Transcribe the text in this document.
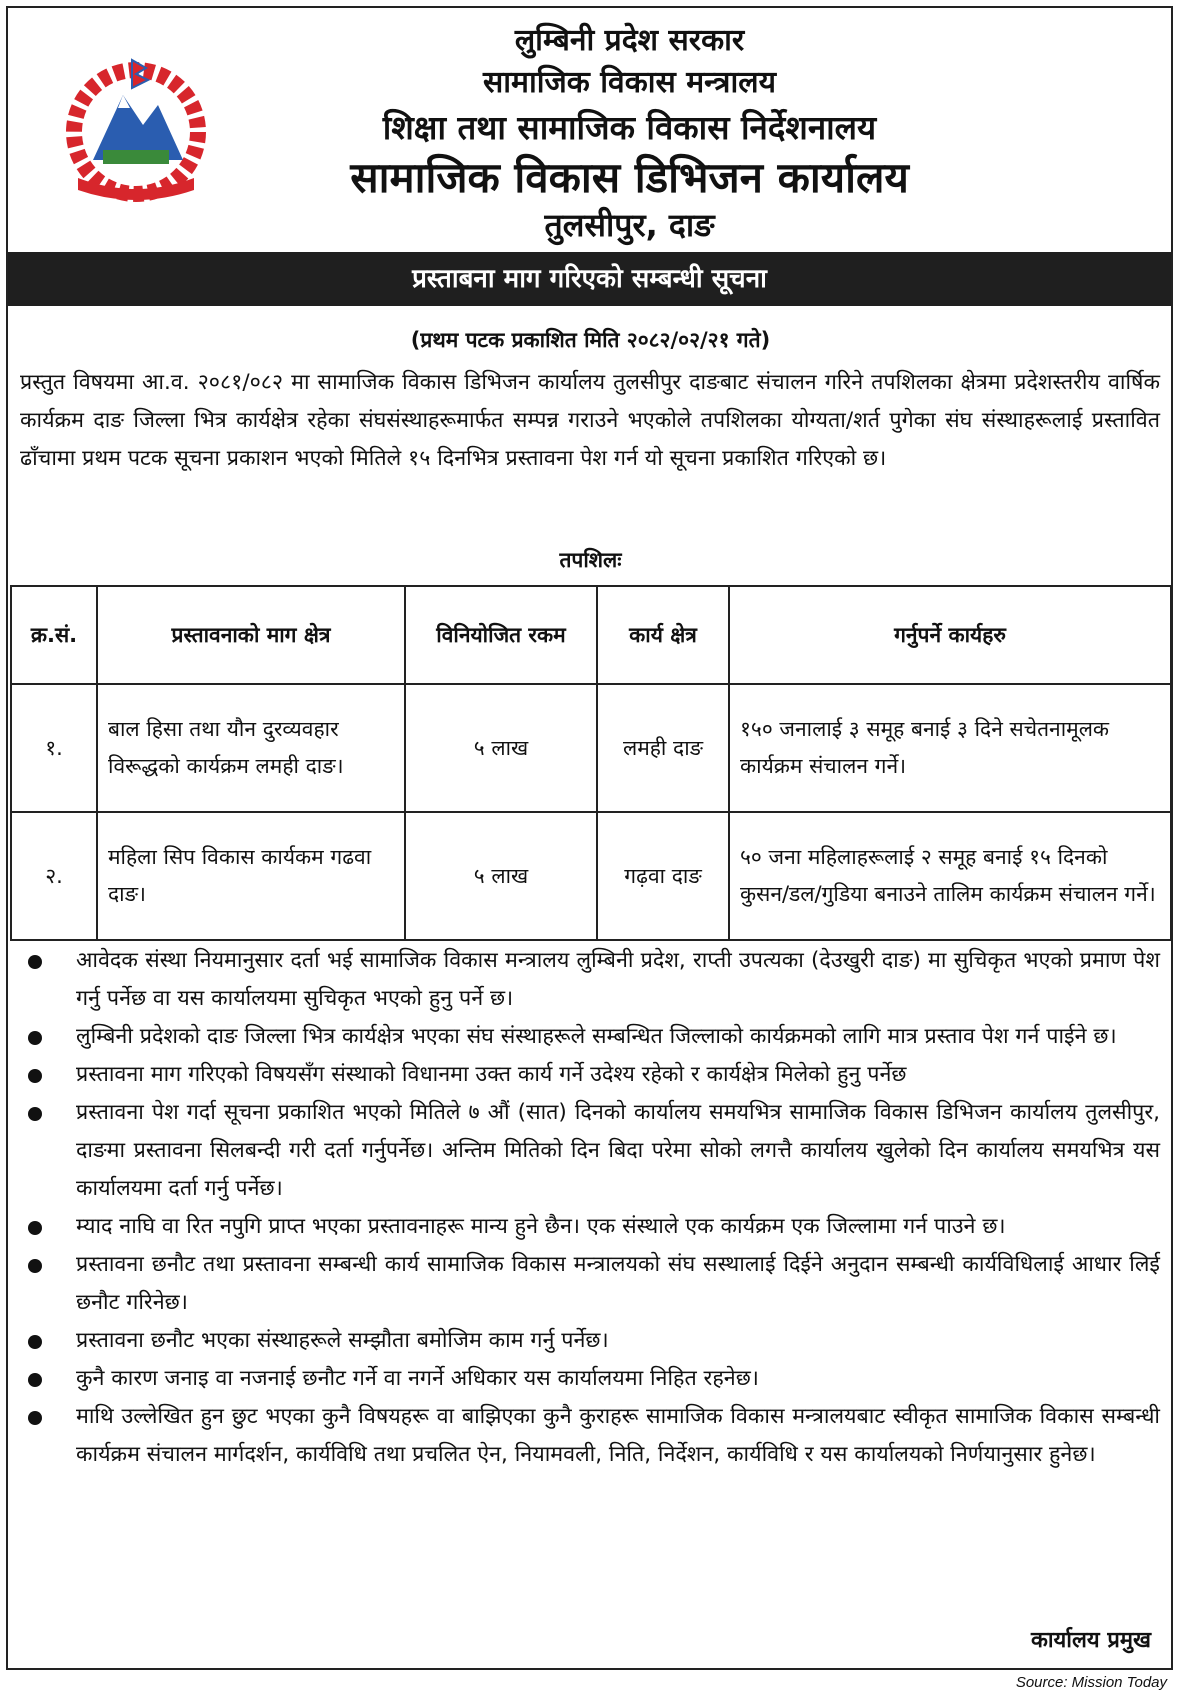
लुम्बिनी प्रदेश सरकार
सामाजिक विकास मन्त्रालय
शिक्षा तथा सामाजिक विकास निर्देशनालय
सामाजिक विकास डिभिजन कार्यालय
तुलसीपुर, दाङ
प्रस्ताबना माग गरिएको सम्बन्धी सूचना
(प्रथम पटक प्रकाशित मिति २०८२/०२/२१ गते)
प्रस्तुत विषयमा आ.व. २०८१/०८२ मा सामाजिक विकास डिभिजन कार्यालय तुलसीपुर दाङबाट संचालन गरिने तपशिलका क्षेत्रमा प्रदेशस्तरीय वार्षिक कार्यक्रम दाङ जिल्ला भित्र कार्यक्षेत्र रहेका संघसंस्थाहरूमार्फत सम्पन्न गराउने भएकोले तपशिलका योग्यता/शर्त पुगेका संघ संस्थाहरूलाई प्रस्तावित ढाँचामा प्रथम पटक सूचना प्रकाशन भएको मितिले १५ दिनभित्र प्रस्तावना पेश गर्न यो सूचना प्रकाशित गरिएको छ।
तपशिलः
क्र.सं.	प्रस्तावनाको माग क्षेत्र	विनियोजित रकम	कार्य क्षेत्र	गर्नुपर्ने कार्यहरु
१.	बाल हिसा तथा यौन दुरव्यवहार विरूद्धको कार्यक्रम लमही दाङ।	५ लाख	लमही दाङ	१५० जनालाई ३ समूह बनाई ३ दिने सचेतनामूलक कार्यक्रम संचालन गर्ने।
२.	महिला सिप विकास कार्यकम गढवा दाङ।	५ लाख	गढ़वा दाङ	५० जना महिलाहरूलाई २ समूह बनाई १५ दिनको कुसन/डल/गुडिया बनाउने तालिम कार्यक्रम संचालन गर्ने।
आवेदक संस्था नियमानुसार दर्ता भई सामाजिक विकास मन्त्रालय लुम्बिनी प्रदेश, राप्ती उपत्यका (देउखुरी दाङ) मा सुचिकृत भएको प्रमाण पेश गर्नु पर्नेछ वा यस कार्यालयमा सुचिकृत भएको हुनु पर्ने छ।
लुम्बिनी प्रदेशको दाङ जिल्ला भित्र कार्यक्षेत्र भएका संघ संस्थाहरूले सम्बन्धित जिल्लाको कार्यक्रमको लागि मात्र प्रस्ताव पेश गर्न पाईने छ।
प्रस्तावना माग गरिएको विषयसँग संस्थाको विधानमा उक्त कार्य गर्ने उदेश्य रहेको र कार्यक्षेत्र मिलेको हुनु पर्नेछ
प्रस्तावना पेश गर्दा सूचना प्रकाशित भएको मितिले ७ औं (सात) दिनको कार्यालय समयभित्र सामाजिक विकास डिभिजन कार्यालय तुलसीपुर, दाङमा प्रस्तावना सिलबन्दी गरी दर्ता गर्नुपर्नेछ। अन्तिम मितिको दिन बिदा परेमा सोको लगत्तै कार्यालय खुलेको दिन कार्यालय समयभित्र यस कार्यालयमा दर्ता गर्नु पर्नेछ।
म्याद नाघि वा रित नपुगि प्राप्त भएका प्रस्तावनाहरू मान्य हुने छैन। एक संस्थाले एक कार्यक्रम एक जिल्लामा गर्न पाउने छ।
प्रस्तावना छनौट तथा प्रस्तावना सम्बन्धी कार्य सामाजिक विकास मन्त्रालयको संघ सस्थालाई दिईने अनुदान सम्बन्धी कार्यविधिलाई आधार लिई छनौट गरिनेछ।
प्रस्तावना छनौट भएका संस्थाहरूले सम्झौता बमोजिम काम गर्नु पर्नेछ।
कुनै कारण जनाइ वा नजनाई छनौट गर्ने वा नगर्ने अधिकार यस कार्यालयमा निहित रहनेछ।
माथि उल्लेखित हुन छुट भएका कुनै विषयहरू वा बाझिएका कुनै कुराहरू सामाजिक विकास मन्त्रालयबाट स्वीकृत सामाजिक विकास सम्बन्धी कार्यक्रम संचालन मार्गदर्शन, कार्यविधि तथा प्रचलित ऐन, नियामवली, निति, निर्देशन, कार्यविधि र यस कार्यालयको निर्णयानुसार हुनेछ।
कार्यालय प्रमुख
Source: Mission Today
